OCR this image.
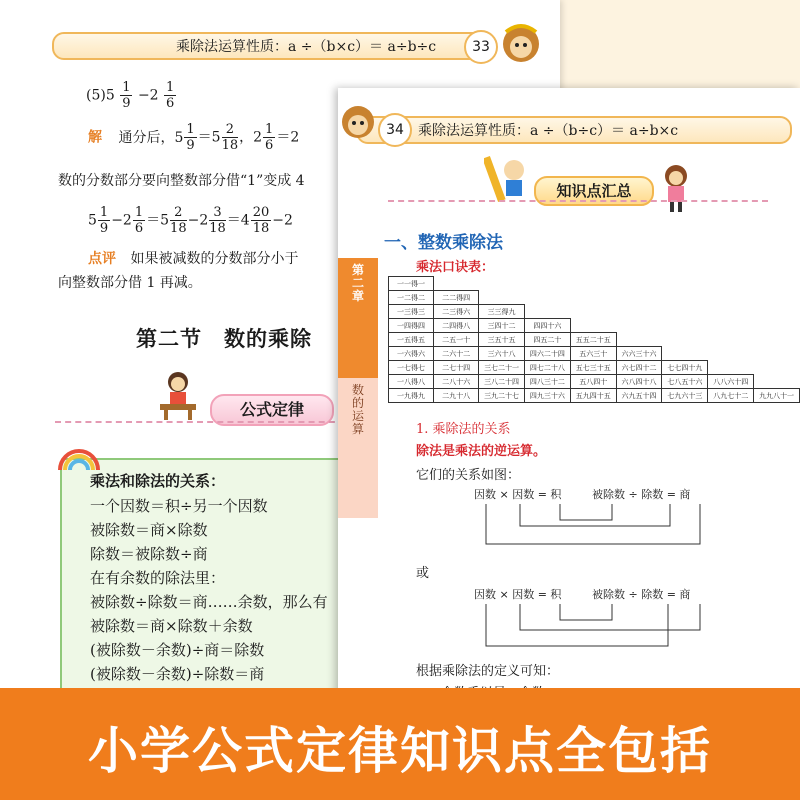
乘除法运算性质：a ÷（b×c）＝ a÷b÷c	33
$(5)5 \frac{1}{9} -2 \frac{1}{6}$
解 通分后，$5 \frac{1}{9} =5 \frac{2}{18}$ ，$2 \frac{1}{6} =2$
数的分数部分要向整数部分借“1”变成 4
$5 \frac{1}{9} -2 \frac{1}{6} =5 \frac{2}{18} -2 \frac{3}{18} =4 \frac{20}{18} -2$
点评 如果被减数的分数部分小于
向整数部分借 1 再减。
第二节　数的乘除
公式定律
乘法和除法的关系：
一个因数＝积÷另一个因数
被除数＝商×除数
除数＝被除数÷商
在有余数的除法里：
被除数÷除数＝商……余数，那么有
被除数＝商×除数＋余数
(被除数－余数)÷商＝除数
(被除数－余数)÷除数＝商
34	乘除法运算性质：a ÷（b÷c）＝ a÷b×c
知识点汇总
第二章
数的运算
一、整数乘除法
乘法口诀表：
一一得一								
一二得二	二二得四							
一三得三	二三得六	三三得九						
一四得四	二四得八	三四十二	四四十六					
一五得五	二五一十	三五十五	四五二十	五五二十五				
一六得六	二六十二	三六十八	四六二十四	五六三十	六六三十六			
一七得七	二七十四	三七二十一	四七二十八	五七三十五	六七四十二	七七四十九		
一八得八	二八十六	三八二十四	四八三十二	五八四十	六八四十八	七八五十六	八八六十四	
一九得九	二九十八	三九二十七	四九三十六	五九四十五	六九五十四	七九六十三	八九七十二	九九八十一
1. 乘除法的关系
除法是乘法的逆运算。
它们的关系如图：
因数 × 因数 = 积	被除数 ÷ 除数 = 商
或
因数 × 因数 = 积	被除数 ÷ 除数 = 商
根据乘除法的定义可知：
小学公式定律知识点全包括
